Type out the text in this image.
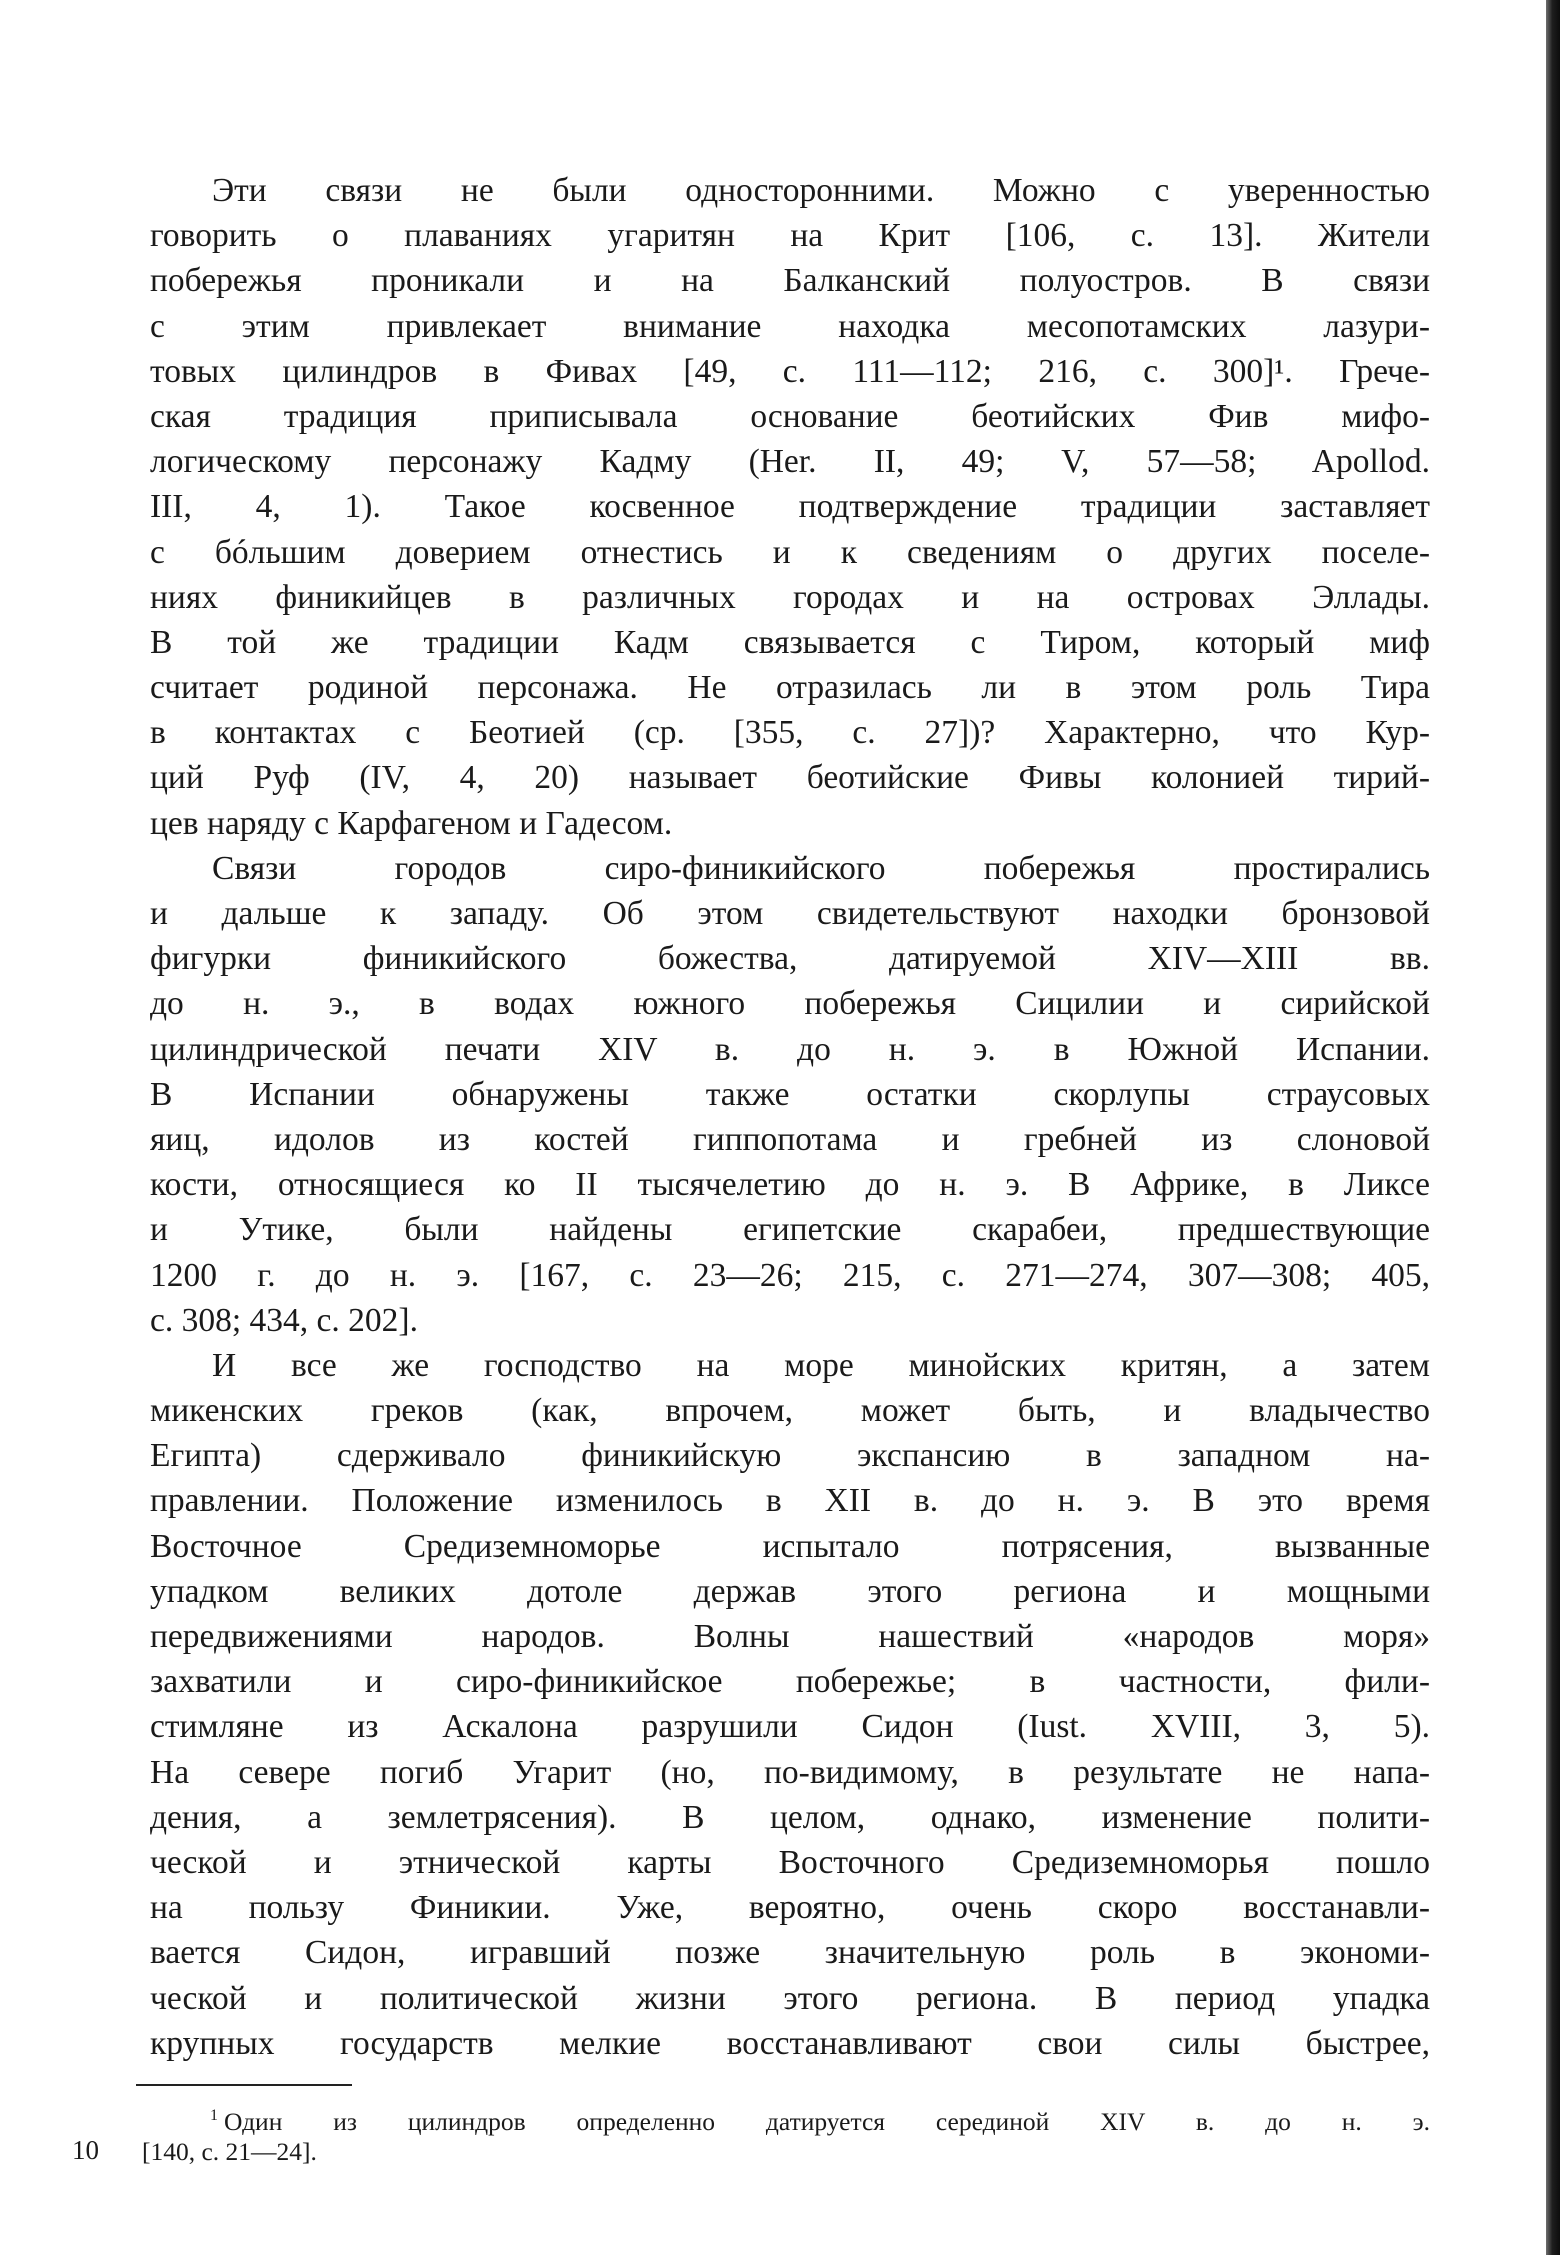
Эти связи не были односторонними. Можно с уверенностью
говорить о плаваниях угаритян на Крит [106, с. 13]. Жители
побережья проникали и на Балканский полуостров. В связи
с этим привлекает внимание находка месопотамских лазури-
товых цилиндров в Фивах [49, с. 111—112; 216, с. 300]¹. Грече-
ская традиция приписывала основание беотийских Фив мифо-
логическому персонажу Кадму (Her. II, 49; V, 57—58; Apollod.
III, 4, 1). Такое косвенное подтверждение традиции заставляет
с бóльшим доверием отнестись и к сведениям о других поселе-
ниях финикийцев в различных городах и на островах Эллады.
В той же традиции Кадм связывается с Тиром, который миф
считает родиной персонажа. Не отразилась ли в этом роль Тира
в контактах с Беотией (ср. [355, с. 27])? Характерно, что Кур-
ций Руф (IV, 4, 20) называет беотийские Фивы колонией тирий-
цев наряду с Карфагеном и Гадесом.
Связи городов сиро-финикийского побережья простирались
и дальше к западу. Об этом свидетельствуют находки бронзовой
фигурки финикийского божества, датируемой XIV—XIII вв.
до н. э., в водах южного побережья Сицилии и сирийской
цилиндрической печати XIV в. до н. э. в Южной Испании.
В Испании обнаружены также остатки скорлупы страусовых
яиц, идолов из костей гиппопотама и гребней из слоновой
кости, относящиеся ко II тысячелетию до н. э. В Африке, в Ликсе
и Утике, были найдены египетские скарабеи, предшествующие
1200 г. до н. э. [167, с. 23—26; 215, с. 271—274, 307—308; 405,
с. 308; 434, с. 202].
И все же господство на море минойских критян, а затем
микенских греков (как, впрочем, может быть, и владычество
Египта) сдерживало финикийскую экспансию в западном на-
правлении. Положение изменилось в XII в. до н. э. В это время
Восточное Средиземноморье испытало потрясения, вызванные
упадком великих дотоле держав этого региона и мощными
передвижениями народов. Волны нашествий «народов моря»
захватили и сиро-финикийское побережье; в частности, фили-
стимляне из Аскалона разрушили Сидон (Iust. XVIII, 3, 5).
На севере погиб Угарит (но, по-видимому, в результате не напа-
дения, а землетрясения). В целом, однако, изменение полити-
ческой и этнической карты Восточного Средиземноморья пошло
на пользу Финикии. Уже, вероятно, очень скоро восстанавли-
вается Сидон, игравший позже значительную роль в экономи-
ческой и политической жизни этого региона. В период упадка
крупных государств мелкие восстанавливают свои силы быстрее,
$^1$ Один из цилиндров определенно датируется серединой XIV в. до н. э.
[140, с. 21—24].
10
